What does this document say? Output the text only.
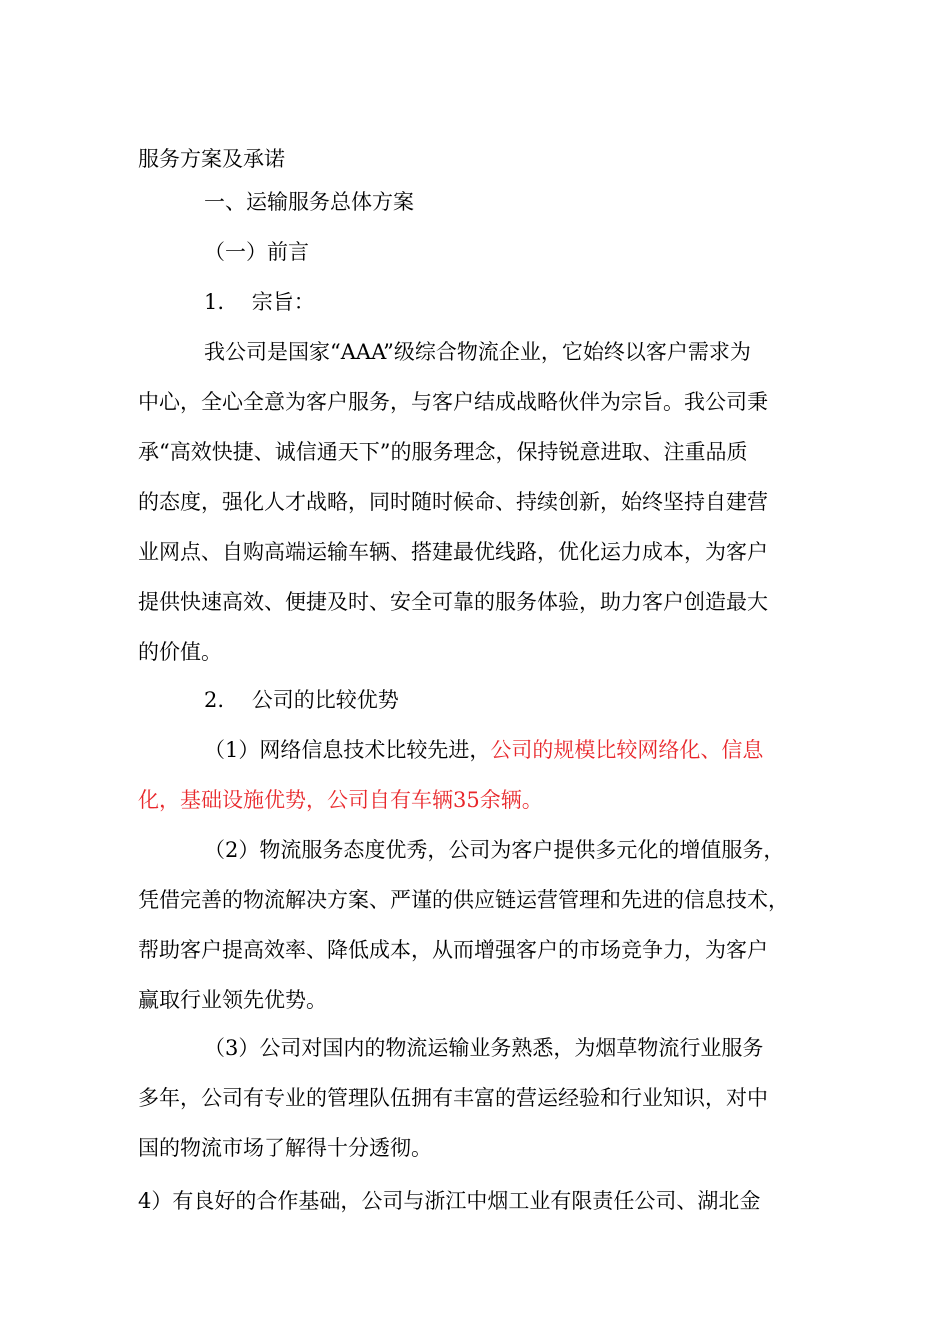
服务方案及承诺
一、运输服务总体方案
（一）前言
1.　 宗旨：
我公司是国家“AAA”级综合物流企业，它始终以客户需求为
中心，全心全意为客户服务，与客户结成战略伙伴为宗旨。我公司秉
承“高效快捷、诚信通天下”的服务理念，保持锐意进取、注重品质
的态度，强化人才战略，同时随时候命、持续创新，始终坚持自建营
业网点、自购高端运输车辆、搭建最优线路，优化运力成本，为客户
提供快速高效、便捷及时、安全可靠的服务体验，助力客户创造最大
的价值。
2.　 公司的比较优势
（1）网络信息技术比较先进，公司的规模比较网络化、信息
化，基础设施优势，公司自有车辆35余辆。
（2）物流服务态度优秀，公司为客户提供多元化的增值服务，
凭借完善的物流解决方案、严谨的供应链运营管理和先进的信息技术，
帮助客户提高效率、降低成本，从而增强客户的市场竞争力，为客户
赢取行业领先优势。
（3）公司对国内的物流运输业务熟悉，为烟草物流行业服务
多年，公司有专业的管理队伍拥有丰富的营运经验和行业知识，对中
国的物流市场了解得十分透彻。
4）有良好的合作基础，公司与浙江中烟工业有限责任公司、湖北金
